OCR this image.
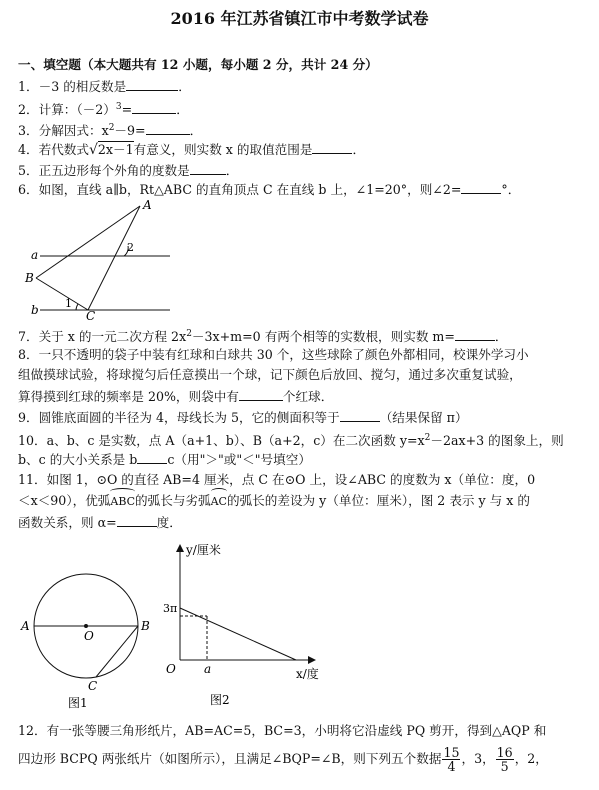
2016 年江苏省镇江市中考数学试卷
一、填空题（本大题共有 12 小题，每小题 2 分，共计 24 分）
1．－3 的相反数是	．
2．计算：$(-2)^3=$	．
3．分解因式：$x^2-9=$	．
4．若代数式√2x－1有意义，则实数 x 的取值范围是	．
5．正五边形每个外角的度数是	．
6．如图，直线 a∥b，Rt△ABC 的直角顶点 C 在直线 b 上，∠1=20°，则∠2=	°．
A
B
C
a
b 1
2
7．关于 x 的一元二次方程 $2x^2-3x+m=0$ 有两个相等的实数根，则实数 m=	．
8．一只不透明的袋子中装有红球和白球共 30 个，这些球除了颜色外都相同，校课外学习小
组做摸球试验，将球搅匀后任意摸出一个球，记下颜色后放回、搅匀，通过多次重复试验，
算得摸到红球的频率是 20%，则袋中有	个红球．
9．圆锥底面圆的半径为 4，母线长为 5，它的侧面积等于	（结果保留 π）
10．a、b、c 是实数，点 A（a+1、b）、B（a+2，c）在二次函数 $y=x^2-2ax+3$ 的图象上，则
b、c 的大小关系是 b c（用"＞"或"＜"号填空）
11．如图 1，⊙O 的直径 AB=4 厘米，点 C 在⊙O 上，设∠ABC 的度数为 x（单位：度，0
＜x＜90），优弧
ABC的弧长与劣弧
AC的弧长的差设为 y（单位：厘米），图 2 表示 y 与 x 的
函数关系，则 α=	度．
A	B
O
C
图1
y/厘米
x/度
3π
O a
图2
12．有一张等腰三角形纸片，AB=AC=5，BC=3，小明将它沿虚线 PQ 剪开，得到△AQP 和
四边形 BCPQ 两张纸片（如图所示），且满足∠BQP=∠B，则下列五个数据 $\frac{15}{4}$ ，3， $\frac{16}{5}$ ，2，
